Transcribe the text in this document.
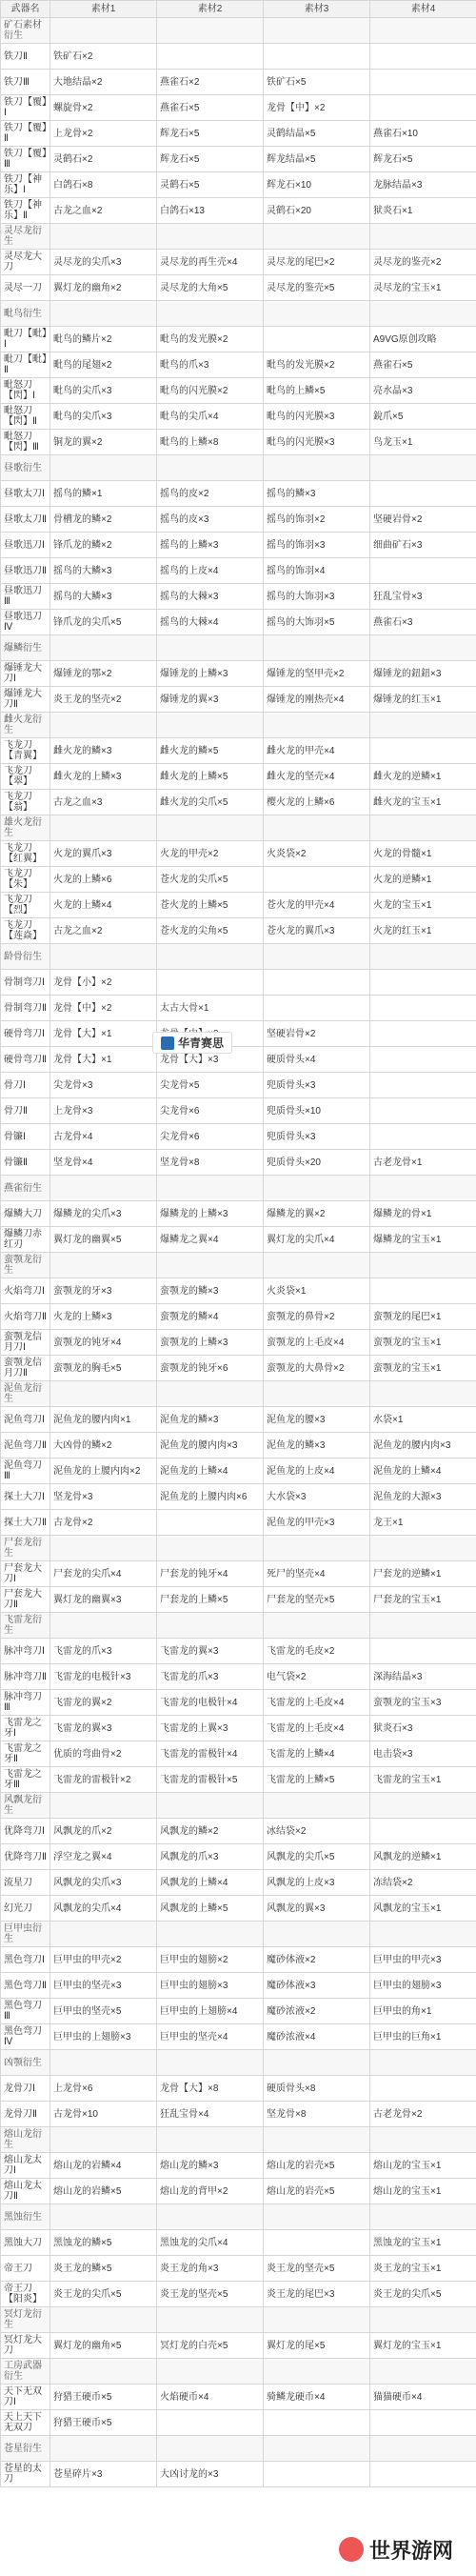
武器名	素材1	素材2	素材3	素材4
矿石素材衍生				
铁刀Ⅱ	铁矿石×2			
铁刀Ⅲ	大地结晶×2	燕雀石×2	铁矿石×5	
铁刀【覆】Ⅰ	螺旋骨×2	燕雀石×5	龙骨【中】×2	
铁刀【覆】Ⅱ	上龙骨×2	辉龙石×5	灵鹤结晶×5	燕雀石×10
铁刀【覆】Ⅲ	灵鹤石×2	辉龙石×5	辉龙结晶×5	辉龙石×5
铁刀【神乐】Ⅰ	白鸽石×8	灵鹤石×5	辉龙石×10	龙脉结晶×3
铁刀【神乐】Ⅱ	古龙之血×2	白鸽石×13	灵鹤石×20	狱炎石×1
灵尽龙衍生				
灵尽龙大刀	灵尽龙的尖爪×3	灵尽龙的再生壳×4	灵尽龙的尾巴×2	灵尽龙的鉴壳×2
灵尽一刀	翼灯龙的幽角×2	灵尽龙的大角×5	灵尽龙的鉴壳×5	灵尽龙的宝玉×1
毗鸟衍生				
毗刀【毗】Ⅰ	毗鸟的鳞片×2	毗鸟的发光膜×2		A9VG原创攻略
毗刀【毗】Ⅱ	毗鸟的尾翅×2	毗鸟的爪×3	毗鸟的发光膜×2	燕雀石×5
毗怒刀【閃】Ⅰ	毗鸟的尖爪×3	毗鸟的闪光膜×2	毗鸟的上鳞×5	亮水晶×3
毗怒刀【閃】Ⅱ	毗鸟的尖爪×3	毗鸟的尖爪×4	毗鸟的闪光膜×3	銳爪×5
毗怒刀【閃】Ⅲ	铜龙的翼×2	毗鸟的上鳞×8	毗鸟的闪光膜×3	鸟龙玉×1
昼歌衍生				
昼歌太刀Ⅰ	摇鸟的鳞×1	摇鸟的皮×2	摇鸟的鳞×3	
昼歌太刀Ⅱ	骨槽龙的鳞×2	摇鸟的皮×3	摇鸟的饰羽×2	坚硬岩骨×2
昼歌迅刀Ⅰ	锋爪龙的鳞×2	摇鸟的上鳞×3	摇鸟的饰羽×3	细曲矿石×3
昼歌迅刀Ⅱ	摇鸟的大鳞×3	摇鸟的上皮×4	摇鸟的饰羽×4	
昼歌迅刀Ⅲ	摇鸟的大鳞×3	摇鸟的大棘×3	摇鸟的大饰羽×3	狂乱宝骨×3
昼歌迅刀Ⅳ	锋爪龙的尖爪×5	摇鸟的大棘×4	摇鸟的大饰羽×5	燕雀石×3
爆鳞衍生				
爆锤龙大刀Ⅰ	爆锤龙的鄂×2	爆锤龙的上鳞×3	爆锤龙的坚甲壳×2	爆锤龙的鈕鈕×3
爆锤龙大刀Ⅱ	炎王龙的坚壳×2	爆锤龙的翼×3	爆锤龙的刚热壳×4	爆锤龙的红玉×1
雌火龙衍生				
飞龙刀【青翼】	雌火龙的鳞×3	雌火龙的鳞×5	雌火龙的甲壳×4	
飞龙刀【翠】	雌火龙的上鳞×3	雌火龙的上鳞×5	雌火龙的坚壳×4	雌火龙的逆鳞×1
飞龙刀【翁】	古龙之血×3	雌火龙的尖爪×5	樱火龙的上鳞×6	雌火龙的宝玉×1
雄火龙衍生				
飞龙刀【红翼】	火龙的翼爪×3	火龙的甲壳×2	火炎袋×2	火龙的骨髓×1
飞龙刀【朱】	火龙的上鳞×6	苍火龙的尖爪×5		火龙的逆鳞×1
飞龙刀【烈】	火龙的上鳞×4	苍火龙的上鳞×5	苍火龙的甲壳×4	火龙的宝玉×1
飞龙刀【莲焱】	古龙之血×2	苍火龙的尖角×5	苍火龙的翼爪×3	火龙的红玉×1
龄骨衍生				
骨制弯刀Ⅰ	龙骨【小】×2			
骨制弯刀Ⅱ	龙骨【中】×2	太古大骨×1		
硬骨弯刀Ⅰ	龙骨【大】×1		坚硬岩骨×2	
硬骨弯刀Ⅱ	龙骨【大】×1	龙骨【大】×3	硬质骨头×4	
骨刀Ⅰ	尖龙骨×3	尖龙骨×5	兜质骨头×3	
骨刀Ⅱ	上龙骨×3	尖龙骨×6	兜质骨头×10	
骨镰Ⅰ	古龙骨×4	尖龙骨×6	兜质骨头×3	
骨镰Ⅱ	坚龙骨×4	坚龙骨×8	兜质骨头×20	古老龙骨×1
燕雀衍生				
爆鳞大刀	爆鳞龙的尖爪×3	爆鳞龙的上鳞×3	爆鳞龙的翼×2	爆鳞龙的骨×1
爆鳞刀赤红刃	翼灯龙的幽翼×5	爆鳞龙之翼×4	翼灯龙的尖爪×4	爆鳞龙的宝玉×1
蛮颚龙衍生				
火焰弯刀Ⅰ	蛮颚龙的牙×3	蛮颚龙的鳞×3	火炎袋×1	
火焰弯刀Ⅱ	火龙的上鳞×3	蛮颚龙的鳞×4	蛮颚龙的鼻骨×2	蛮颚龙的尾巴×1
蛮颚龙信月刀Ⅰ	蛮颚龙的钝牙×4	蛮颚龙的上鳞×3	蛮颚龙的上毛皮×4	蛮颚龙的宝玉×1
蛮颚龙信月刀Ⅱ	蛮颚龙的胸毛×5	蛮颚龙的钝牙×6	蛮颚龙的大鼻骨×2	蛮颚龙的宝玉×1
泥鱼龙衍生				
泥鱼弯刀Ⅰ	泥鱼龙的腰内肉×1	泥鱼龙的鳞×3	泥鱼龙的腰×3	水袋×1
泥鱼弯刀Ⅱ	大凶骨的鳞×2	泥鱼龙的腰内肉×3	泥鱼龙的鳞×3	泥鱼龙的腰内肉×3
泥鱼弯刀Ⅲ	泥鱼龙的上腰内肉×2	泥鱼龙的上鳞×4	泥鱼龙的上皮×4	泥鱼龙的上鳞×4
探土大刀Ⅰ	坚龙骨×3	泥鱼龙的上腰内肉×6	大水袋×3	泥鱼龙的大源×3
探土大刀Ⅱ	古龙骨×2		泥鱼龙的甲壳×3	龙王×1
尸套龙衍生				
尸套龙大刀Ⅰ	尸套龙的尖爪×4	尸套龙的钝牙×4	死尸的坚壳×4	尸套龙的逆鳞×1
尸套龙大刀Ⅱ	翼灯龙的幽翼×3	尸套龙的上鳞×5	尸套龙的坚壳×5	尸套龙的宝玉×1
飞雷龙衍生				
脉冲弯刀Ⅰ	飞雷龙的爪×3	飞雷龙的翼×3	飞雷龙的毛皮×2	
脉冲弯刀Ⅱ	飞雷龙的电极针×3	飞雷龙的爪×3	电气袋×2	深海结晶×3
脉冲弯刀Ⅲ	飞雷龙的翼×2	飞雷龙的电极针×4	飞雷龙的上毛皮×4	蛮颚龙的宝玉×3
飞雷龙之牙Ⅰ	飞雷龙的翼×3	飞雷龙的上翼×3	飞雷龙的上毛皮×4	狱炎石×3
飞雷龙之牙Ⅱ	优质的弯曲骨×2	飞雷龙的雷极针×4	飞雷龙的上鳞×4	电击袋×3
飞雷龙之牙Ⅲ	飞雷龙的雷极针×2	飞雷龙的雷极针×5	飞雷龙的上鳞×5	飞雷龙的宝玉×1
风飘龙衍生				
优降弯刀Ⅰ	风飘龙的爪×2	风飘龙的鳞×2	冰结袋×2	
优降弯刀Ⅱ	浮空龙之翼×4	风飘龙的爪×3	风飘龙的尖爪×5	风飘龙的逆鳞×1
流星刀	风飘龙的尖爪×3	风飘龙的上鳞×4	风飘龙的上皮×3	冻结袋×2
幻光刀	风飘龙的尖爪×4	风飘龙的上鳞×5	风飘龙的翼×3	风飘龙的宝玉×1
巨甲虫衍生				
黑色弯刀Ⅰ	巨甲虫的甲壳×2	巨甲虫的翅膀×2	魔砂体液×2	巨甲虫的甲壳×3
黑色弯刀Ⅱ	巨甲虫的坚壳×3	巨甲虫的翅膀×3	魔砂体液×3	巨甲虫的翅膀×3
黑色弯刀Ⅲ	巨甲虫的坚壳×5	巨甲虫的上翅膀×4	魔砂浓液×2	巨甲虫的角×1
黑色弯刀Ⅳ	巨甲虫的上翅膀×3	巨甲虫的坚壳×4	魔砂浓液×4	巨甲虫的巨角×1
凶颚衍生				
龙骨刀Ⅰ	上龙骨×6	龙骨【大】×8	硬质骨头×8	
龙骨刀Ⅱ	古龙骨×10	狂乱宝骨×4	坚龙骨×8	古老龙骨×2
熔山龙衍生				
熔山龙太刀Ⅰ	熔山龙的岩鳞×4	熔山龙的鳞×3	熔山龙的岩壳×5	熔山龙的宝玉×1
熔山龙太刀Ⅱ	熔山龙的岩鳞×5	熔山龙的背甲×2	熔山龙的岩壳×5	熔山龙的宝玉×1
黑蚀衍生				
黑蚀大刀	黑蚀龙的鳞×5	黑蚀龙的尖爪×4		黑蚀龙的宝玉×1
帝王刀	炎王龙的鳞×5	炎王龙的角×3	炎王龙的坚壳×5	炎王龙的宝玉×1
帝王刀【阳炎】	炎王龙的尖爪×5	炎王龙的坚壳×5	炎王龙的尾巴×3	炎王龙的尖爪×5
冥灯龙衍生				
冥灯龙大刀	翼灯龙的幽角×5	冥灯龙的白壳×5	翼灯龙的尾×5	翼灯龙的宝玉×1
工房武器衍生				
天下无双刀Ⅰ	狩猎王硬币×5	火焰硬币×4	骑鳞龙硬币×4	猫猫硬币×4
天上天下无双刀	狩猎王硬币×5			
苍星衍生				
苍星的太刀	苍星碎片×3	大凶讨龙的×3		
华青赛思
世界游网
